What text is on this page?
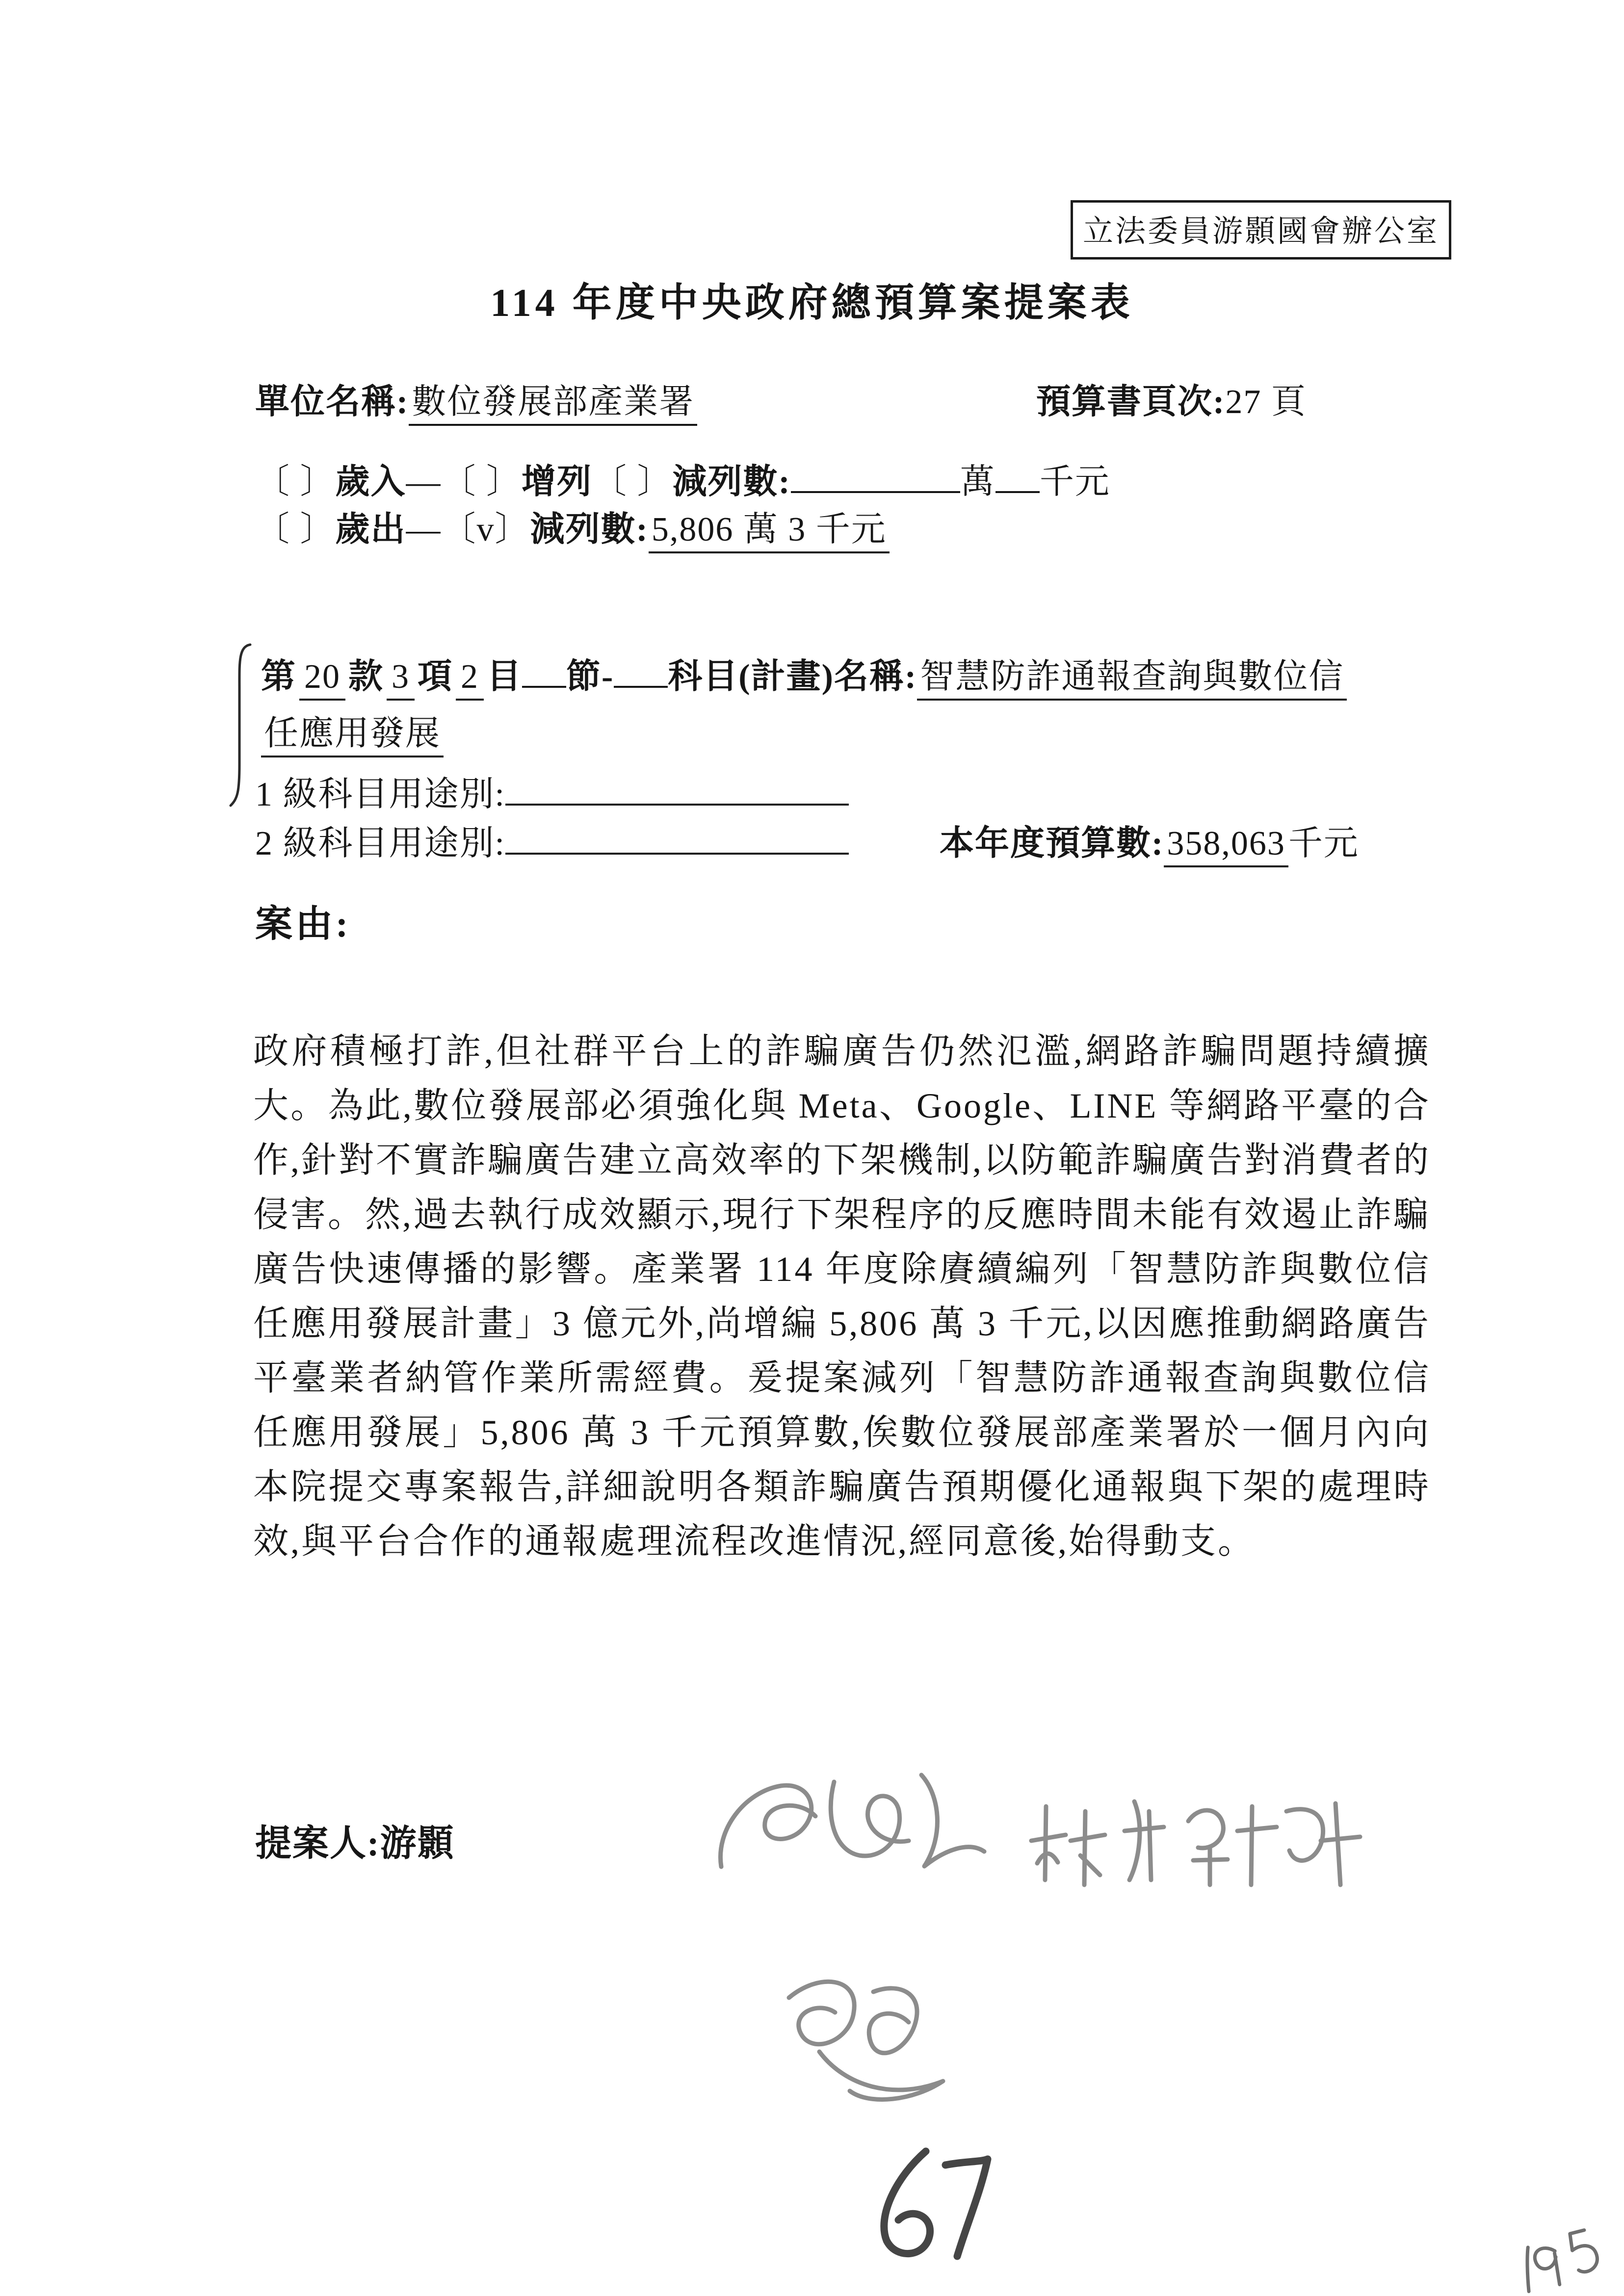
立法委員游顥國會辦公室
114 年度中央政府總預算案提案表
單位名稱:數位發展部產業署	預算書頁次:27 頁
〔 〕歲入—〔 〕增列〔 〕減列數:	萬 千元
〔 〕歲出—〔v〕減列數:5,806 萬 3 千元
第 20 款 3 項 2 目 節- 科目(計畫)名稱:智慧防詐通報查詢與數位信
任應用發展
1 級科目用途別:
2 級科目用途別:	本年度預算數:358,063千元
案由:
政府積極打詐,但社群平台上的詐騙廣告仍然氾濫,網路詐騙問題持續擴大。為此,數位發展部必須強化與 Meta、Google、LINE 等網路平臺的合作,針對不實詐騙廣告建立高效率的下架機制,以防範詐騙廣告對消費者的侵害。然,過去執行成效顯示,現行下架程序的反應時間未能有效遏止詐騙廣告快速傳播的影響。產業署 114 年度除賡續編列「智慧防詐與數位信任應用發展計畫」3 億元外,尚增編 5,806 萬 3 千元,以因應推動網路廣告平臺業者納管作業所需經費。爰提案減列「智慧防詐通報查詢與數位信任應用發展」5,806 萬 3 千元預算數,俟數位發展部產業署於一個月內向本院提交專案報告,詳細說明各類詐騙廣告預期優化通報與下架的處理時效,與平台合作的通報處理流程改進情況,經同意後,始得動支。
提案人:游顥
